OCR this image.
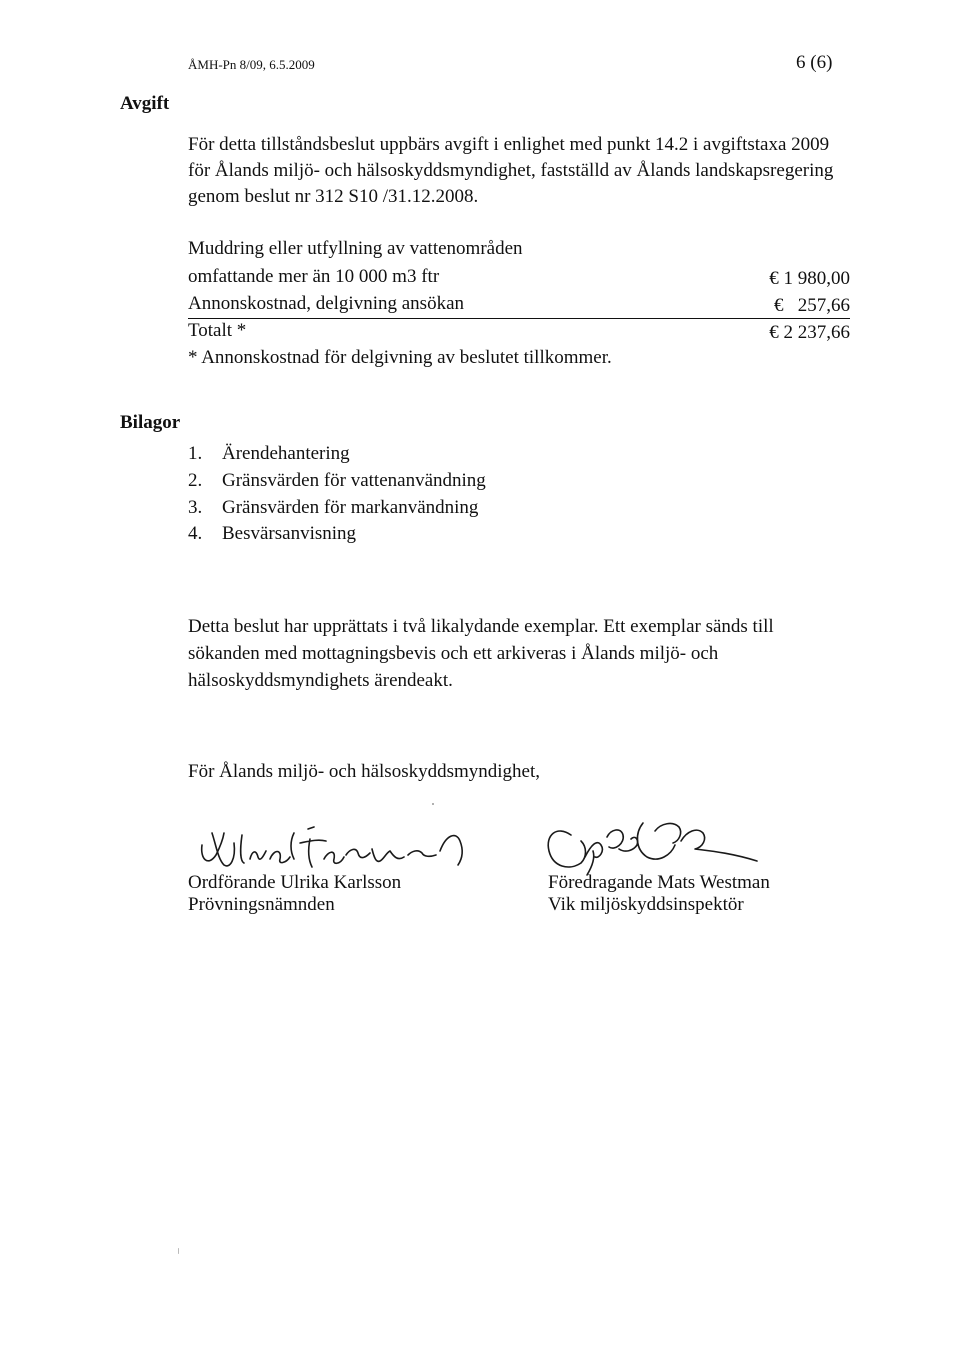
ÅMH-Pn 8/09, 6.5.2009	6 (6)
Avgift
För detta tillståndsbeslut uppbärs avgift i enlighet med punkt 14.2 i avgiftstaxa 2009
för Ålands miljö- och hälsoskyddsmyndighet, fastställd av Ålands landskapsregering
genom beslut nr 312 S10 /31.12.2008.
Muddring eller utfyllning av vattenområden
omfattande mer än 10 000 m3 ftr	€ 1 980,00
Annonskostnad, delgivning ansökan	€   257,66
Totalt *	€ 2 237,66
* Annonskostnad för delgivning av beslutet tillkommer.
Bilagor
1. Ärendehantering
2. Gränsvärden för vattenanvändning
3. Gränsvärden för markanvändning
4. Besvärsanvisning
Detta beslut har upprättats i två likalydande exemplar. Ett exemplar sänds till
sökanden med mottagningsbevis och ett arkiveras i Ålands miljö- och
hälsoskyddsmyndighets ärendeakt.
För Ålands miljö- och hälsoskyddsmyndighet,
Ordförande Ulrika Karlsson
Prövningsnämnden
Föredragande Mats Westman
Vik miljöskyddsinspektör
